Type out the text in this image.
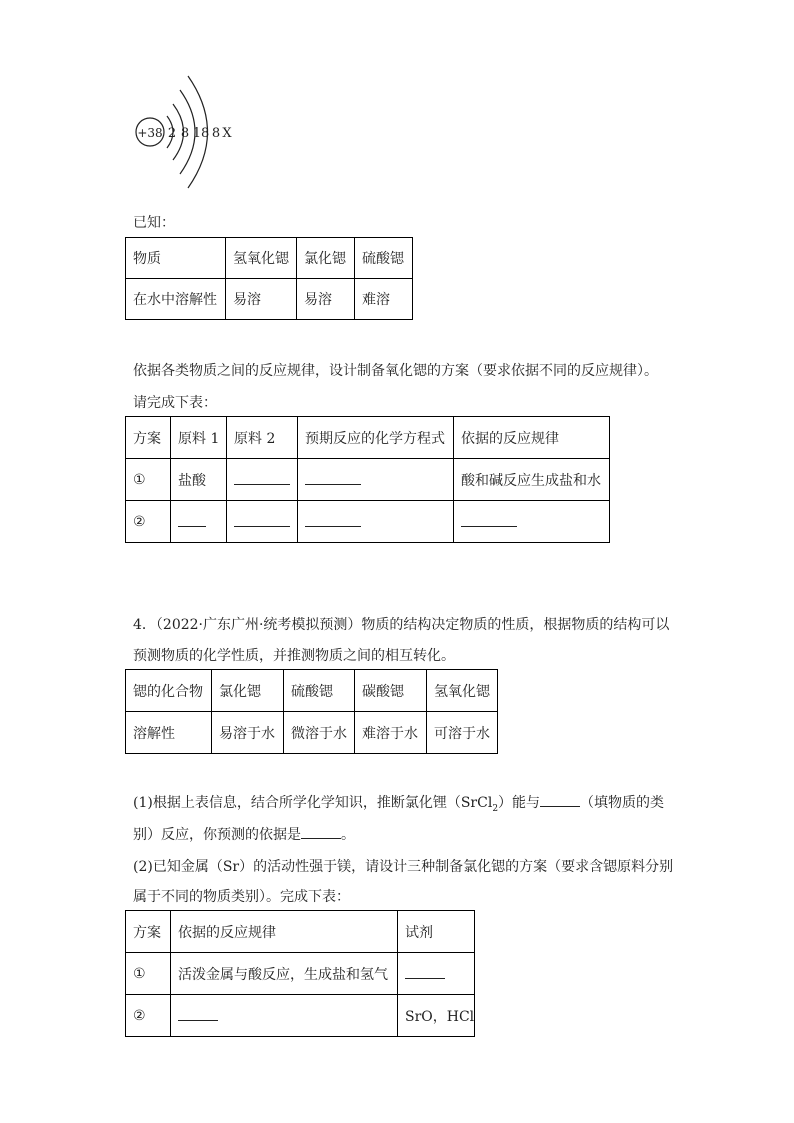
+38 2 8 18 8 X
已知：
物质	氢氧化锶	氯化锶	硫酸锶
在水中溶解性	易溶	易溶	难溶
依据各类物质之间的反应规律，设计制备氧化锶的方案（要求依据不同的反应规律）。
请完成下表：
方案	原料 1	原料 2	预期反应的化学方程式	依据的反应规律
①	盐酸			酸和碱反应生成盐和水
②				
4．（2022·广东广州·统考模拟预测）物质的结构决定物质的性质，根据物质的结构可以
预测物质的化学性质，并推测物质之间的相互转化。
锶的化合物	氯化锶	硫酸锶	碳酸锶	氢氧化锶
溶解性	易溶于水	微溶于水	难溶于水	可溶于水
(1)根据上表信息，结合所学化学知识，推断氯化锂（SrCl$_2$）能与	（填物质的类
别）反应，你预测的依据是	。
(2)已知金属（Sr）的活动性强于镁，请设计三种制备氯化锶的方案（要求含锶原料分别
属于不同的物质类别）。完成下表：
方案	依据的反应规律	试剂
①	活泼金属与酸反应，生成盐和氢气	
②		SrO，HCl
